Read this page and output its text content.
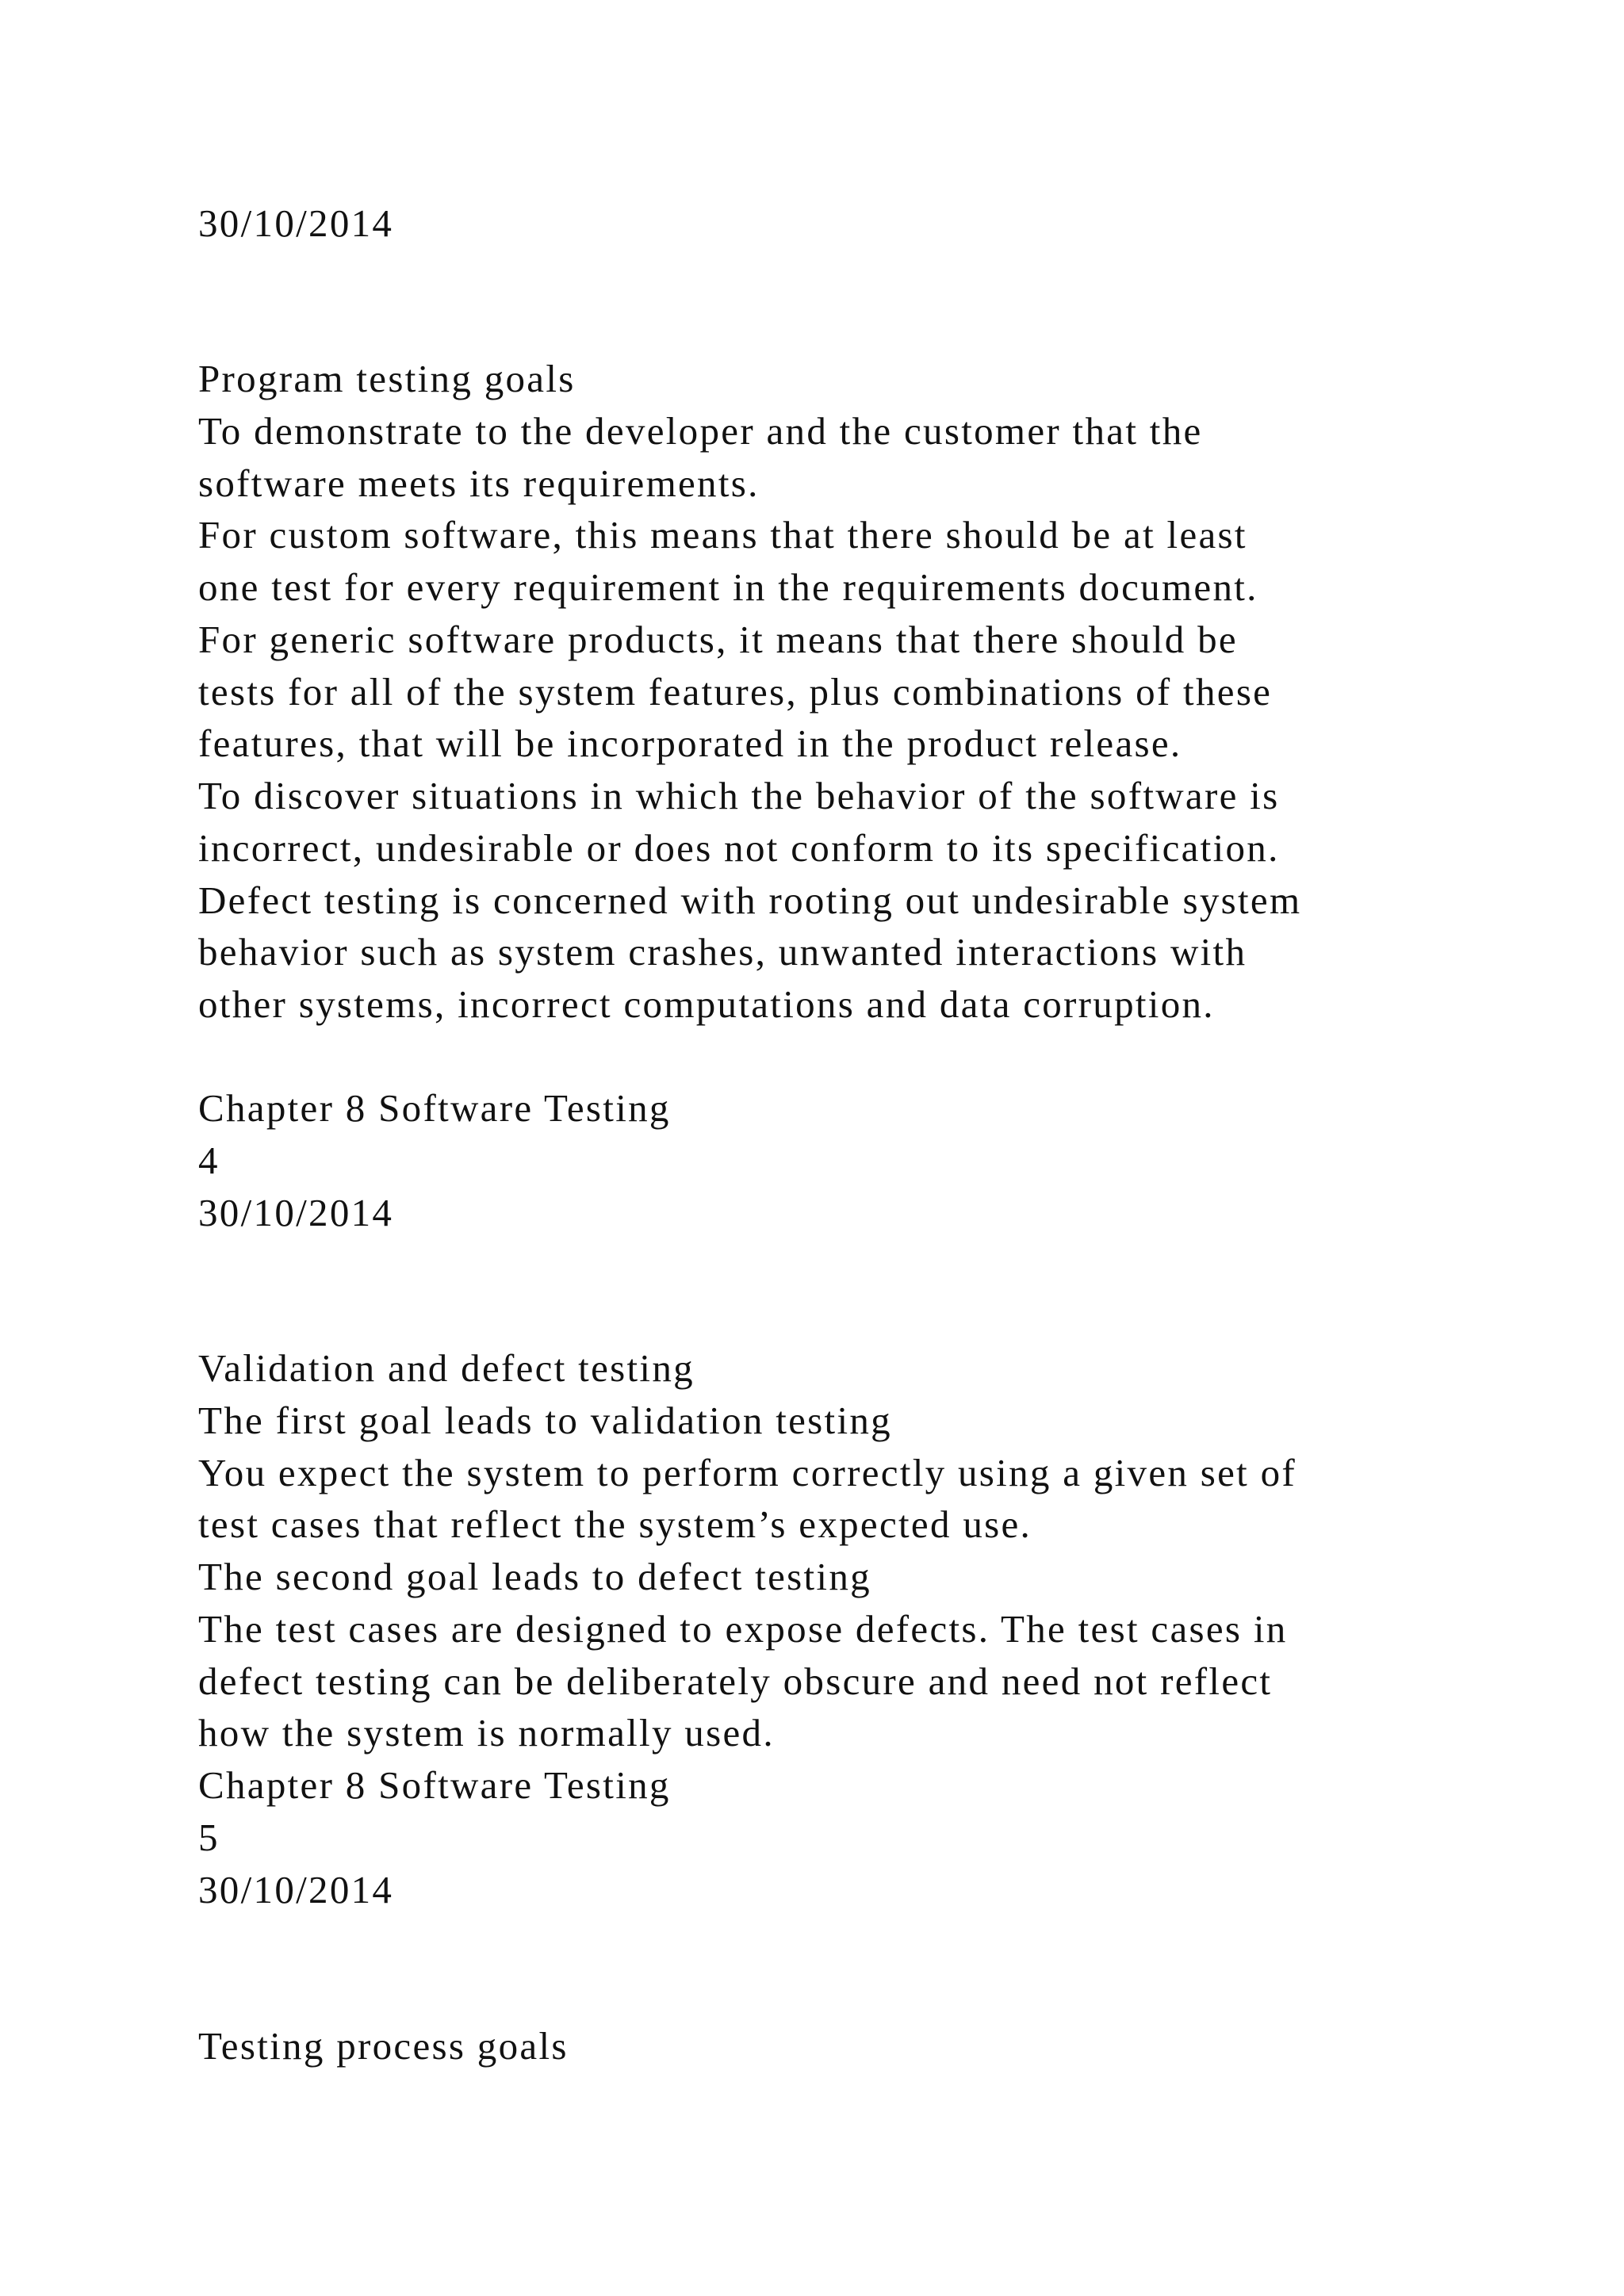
30/10/2014

Program testing goals

To demonstrate to the developer and the customer that the

software meets its requirements.

For custom software, this means that there should be at least

one test for every requirement in the requirements document.

For generic software products, it means that there should be

tests for all of the system features, plus combinations of these

features, that will be incorporated in the product release.

To discover situations in which the behavior of the software is

incorrect, undesirable or does not conform to its specification.

Defect testing is concerned with rooting out undesirable system

behavior such as system crashes, unwanted interactions with

other systems, incorrect computations and data corruption.

Chapter 8 Software Testing

4

30/10/2014

Validation and defect testing

The first goal leads to validation testing

You expect the system to perform correctly using a given set of

test cases that reflect the system’s expected use.

The second goal leads to defect testing

The test cases are designed to expose defects. The test cases in

defect testing can be deliberately obscure and need not reflect

how the system is normally used.

Chapter 8 Software Testing

5

30/10/2014

Testing process goals
